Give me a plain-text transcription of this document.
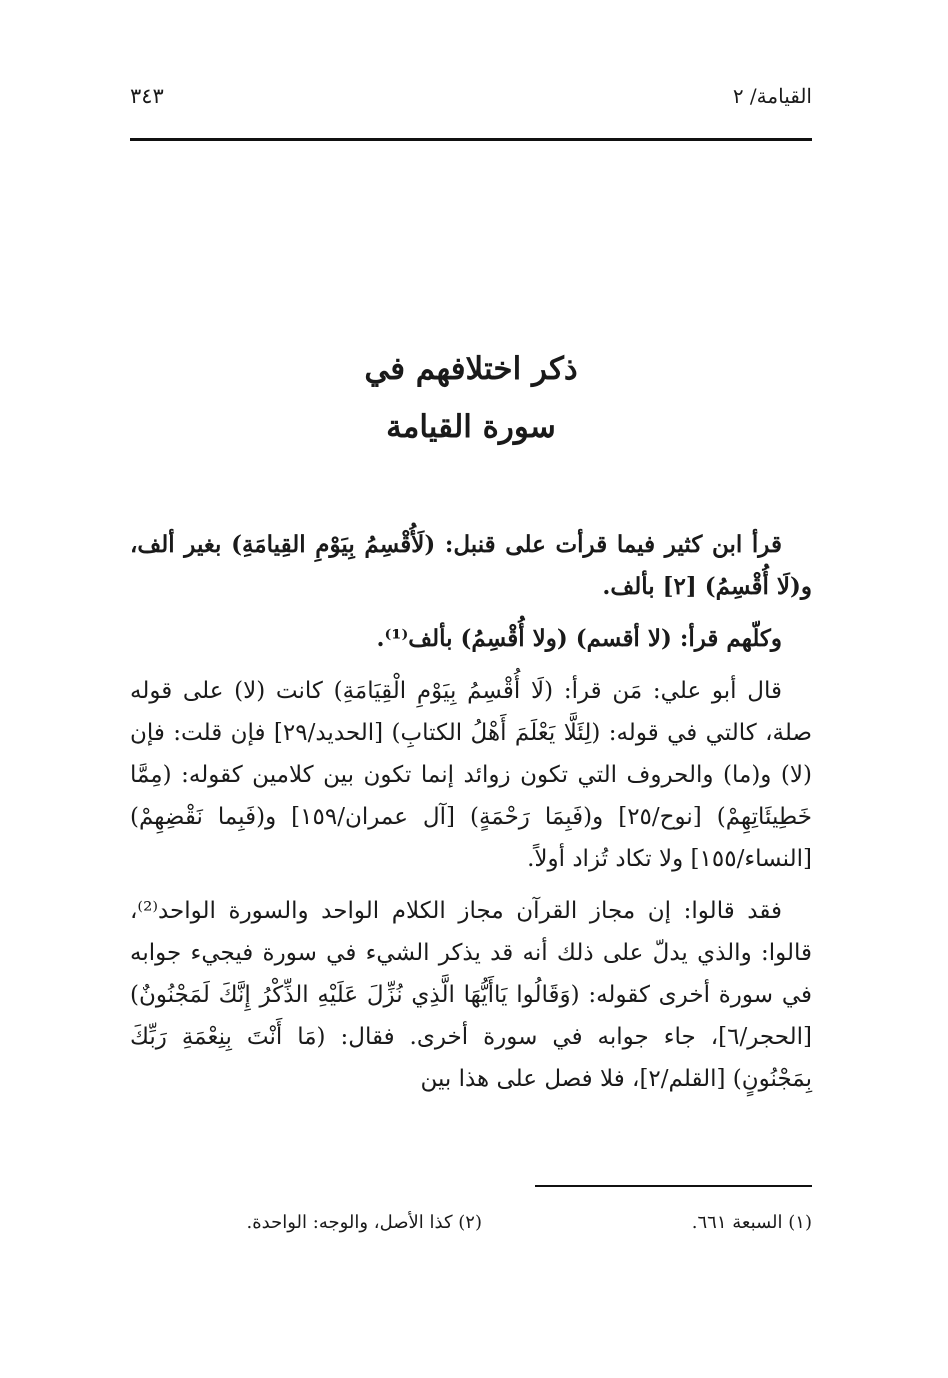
القيامة/ ٢
٣٤٣
ذكر اختلافهم في
سورة القيامة

قرأ ابن كثير فيما قرأت على قنبل: (لَأُقْسِمُ بِيَوْمِ القِيامَةِ) بغير ألف، و(لَا أُقْسِمُ) [٢] بألف.

وكلّهم قرأ: (لا أقسم) (ولا أُقْسِمُ) بألف⁽¹⁾.

قال أبو علي: مَن قرأ: (لَا أُقْسِمُ بِيَوْمِ الْقِيَامَةِ) كانت (لا) على قوله صلة، كالتي في قوله: (لِئَلَّا يَعْلَمَ أَهْلُ الكتابِ) [الحديد/٢٩] فإن قلت: فإن (لا) و(ما) والحروف التي تكون زوائد إنما تكون بين كلامين كقوله: (مِمَّا خَطِيئَاتِهِمْ) [نوح/٢٥] و(فَبِمَا رَحْمَةٍ) [آل عمران/١٥٩] و(فَبِما نَقْضِهِمْ) [النساء/١٥٥] ولا تكاد تُزاد أولاً.

فقد قالوا: إن مجاز القرآن مجاز الكلام الواحد والسورة الواحد⁽²⁾، قالوا: والذي يدلّ على ذلك أنه قد يذكر الشيء في سورة فيجيء جوابه في سورة أخرى كقوله: (وَقَالُوا يَاأَيُّهَا الَّذِي نُزِّلَ عَلَيْهِ الذِّكْرُ إِنَّكَ لَمَجْنُونٌ) [الحجر/٦]، جاء جوابه في سورة أخرى. فقال: (مَا أَنْتَ بِنِعْمَةِ رَبِّكَ بِمَجْنُونٍ) [القلم/٢]، فلا فصل على هذا بين

(١) السبعة ٦٦١.
(٢) كذا الأصل، والوجه: الواحدة.
